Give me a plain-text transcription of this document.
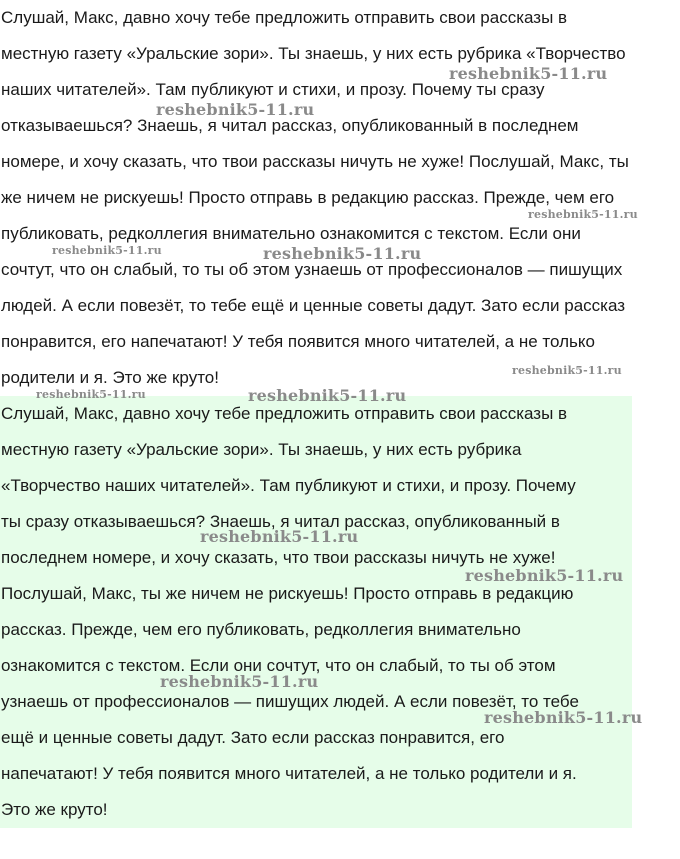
Слушай, Макс, давно хочу тебе предложить отправить свои рассказы в
местную газету «Уральские зори». Ты знаешь, у них есть рубрика «Творчество
наших читателей». Там публикуют и стихи, и прозу. Почему ты сразу
отказываешься? Знаешь, я читал рассказ, опубликованный в последнем
номере, и хочу сказать, что твои рассказы ничуть не хуже! Послушай, Макс, ты
же ничем не рискуешь! Просто отправь в редакцию рассказ. Прежде, чем его
публиковать, редколлегия внимательно ознакомится с текстом. Если они
сочтут, что он слабый, то ты об этом узнаешь от профессионалов — пишущих
людей. А если повезёт, то тебе ещё и ценные советы дадут. Зато если рассказ
понравится, его напечатают! У тебя появится много читателей, а не только
родители и я. Это же круто!
Слушай, Макс, давно хочу тебе предложить отправить свои рассказы в
местную газету «Уральские зори». Ты знаешь, у них есть рубрика
«Творчество наших читателей». Там публикуют и стихи, и прозу. Почему
ты сразу отказываешься? Знаешь, я читал рассказ, опубликованный в
последнем номере, и хочу сказать, что твои рассказы ничуть не хуже!
Послушай, Макс, ты же ничем не рискуешь! Просто отправь в редакцию
рассказ. Прежде, чем его публиковать, редколлегия внимательно
ознакомится с текстом. Если они сочтут, что он слабый, то ты об этом
узнаешь от профессионалов — пишущих людей. А если повезёт, то тебе
ещё и ценные советы дадут. Зато если рассказ понравится, его
напечатают! У тебя появится много читателей, а не только родители и я.
Это же круто!
reshebnik5-11.ru
reshebnik5-11.ru
reshebnik5-11.ru
reshebnik5-11.ru	reshebnik5-11.ru
reshebnik5-11.ru
reshebnik5-11.ru	reshebnik5-11.ru
reshebnik5-11.ru
reshebnik5-11.ru
reshebnik5-11.ru
reshebnik5-11.ru
